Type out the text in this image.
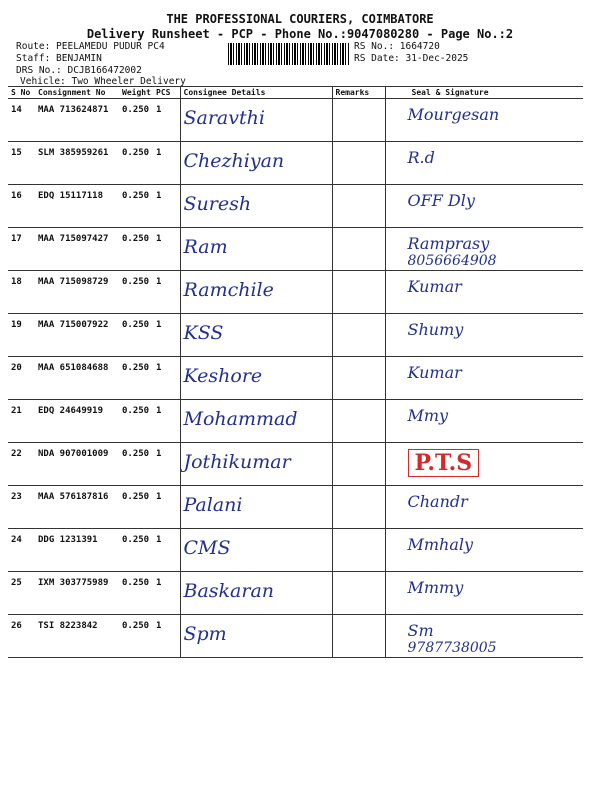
THE PROFESSIONAL COURIERS, COIMBATORE
Delivery Runsheet - PCP - Phone No.:9047080280 - Page No.:2
Route: PEELAMEDU PUDUR PC4
Staff: BENJAMIN
DRS No.: DCJB166472002
Vehicle: Two Wheeler Delivery
RS No.: 1664720
RS Date: 31-Dec-2025
S No	Consignment No	Weight	PCS	Consignee Details	Remarks	Seal & Signature
14	MAA 713624871	0.250	1	Saravthi		Mourgesan

15	SLM 385959261	0.250	1	Chezhiyan		R.d

16	EDQ 15117118	0.250	1	Suresh		OFF Dly

17	MAA 715097427	0.250	1	Ram		Ramprasy
8056664908

18	MAA 715098729	0.250	1	Ramchile		Kumar

19	MAA 715007922	0.250	1	KSS		Shumy

20	MAA 651084688	0.250	1	Keshore		Kumar

21	EDQ 24649919	0.250	1	Mohammad		Mmy

22	NDA 907001009	0.250	1	Jothikumar		P.T.S
23	MAA 576187816	0.250	1	Palani		Chandr

24	DDG 1231391	0.250	1	CMS		Mmhaly

25	IXM 303775989	0.250	1	Baskaran		Mmmy

26	TSI 8223842	0.250	1	Spm		Sm
9787738005
